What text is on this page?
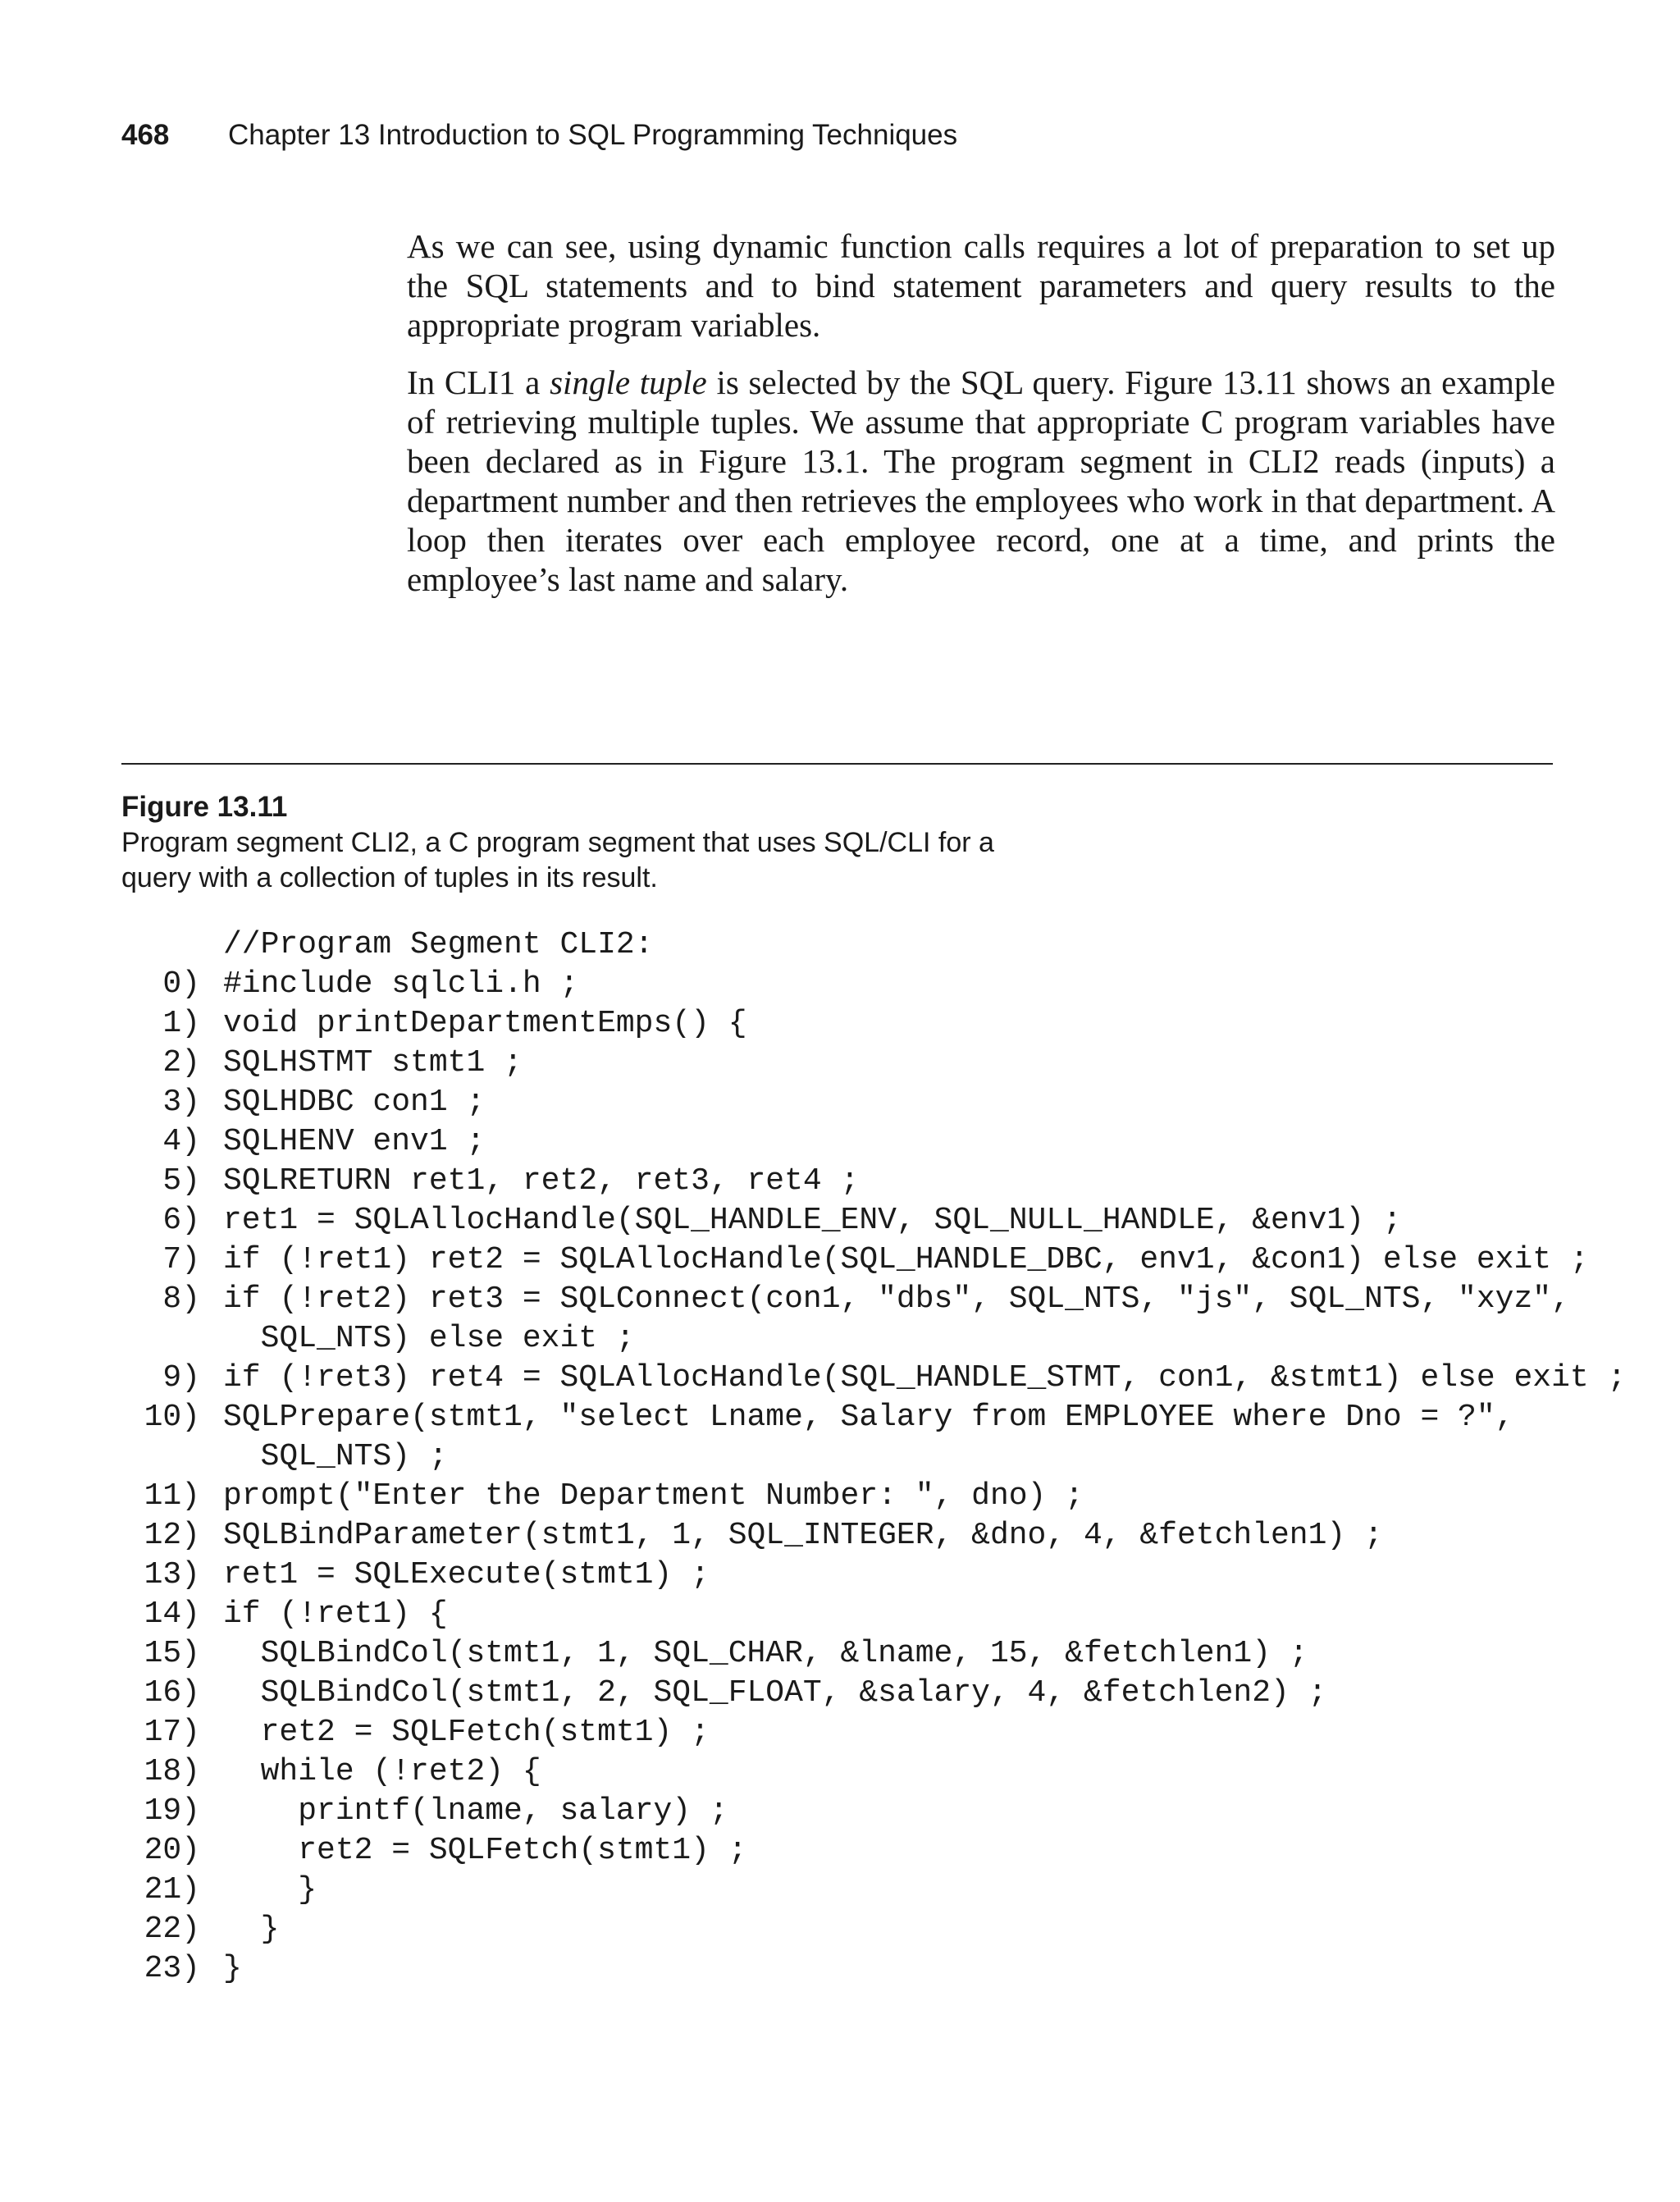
468 Chapter 13 Introduction to SQL Programming Techniques

As we can see, using dynamic function calls requires a lot of preparation to set up the SQL statements and to bind statement parameters and query results to the appropriate program variables.

In CLI1 a single tuple is selected by the SQL query. Figure 13.11 shows an example of retrieving multiple tuples. We assume that appropriate C program variables have been declared as in Figure 13.1. The program segment in CLI2 reads (inputs) a department number and then retrieves the employees who work in that department. A loop then iterates over each employee record, one at a time, and prints the employee’s last name and salary.

Figure 13.11
Program segment CLI2, a C program segment that uses SQL/CLI for a query with a collection of tuples in its result.
//Program Segment CLI2:
0) #include sqlcli.h ;
1) void printDepartmentEmps() {
2) SQLHSTMT stmt1 ;
3) SQLHDBC con1 ;
4) SQLHENV env1 ;
5) SQLRETURN ret1, ret2, ret3, ret4 ;
6) ret1 = SQLAllocHandle(SQL_HANDLE_ENV, SQL_NULL_HANDLE, &env1) ;
7) if (!ret1) ret2 = SQLAllocHandle(SQL_HANDLE_DBC, env1, &con1) else exit ;
8) if (!ret2) ret3 = SQLConnect(con1, "dbs", SQL_NTS, "js", SQL_NTS, "xyz",
SQL_NTS) else exit ;
9) if (!ret3) ret4 = SQLAllocHandle(SQL_HANDLE_STMT, con1, &stmt1) else exit ;
10) SQLPrepare(stmt1, "select Lname, Salary from EMPLOYEE where Dno = ?",
SQL_NTS) ;
11) prompt("Enter the Department Number: ", dno) ;
12) SQLBindParameter(stmt1, 1, SQL_INTEGER, &dno, 4, &fetchlen1) ;
13) ret1 = SQLExecute(stmt1) ;
14) if (!ret1) {
15)  SQLBindCol(stmt1, 1, SQL_CHAR, &lname, 15, &fetchlen1) ;
16)  SQLBindCol(stmt1, 2, SQL_FLOAT, &salary, 4, &fetchlen2) ;
17)  ret2 = SQLFetch(stmt1) ;
18)  while (!ret2) {
19)    printf(lname, salary) ;
20)    ret2 = SQLFetch(stmt1) ;
21)    }
22)  }
23) }
